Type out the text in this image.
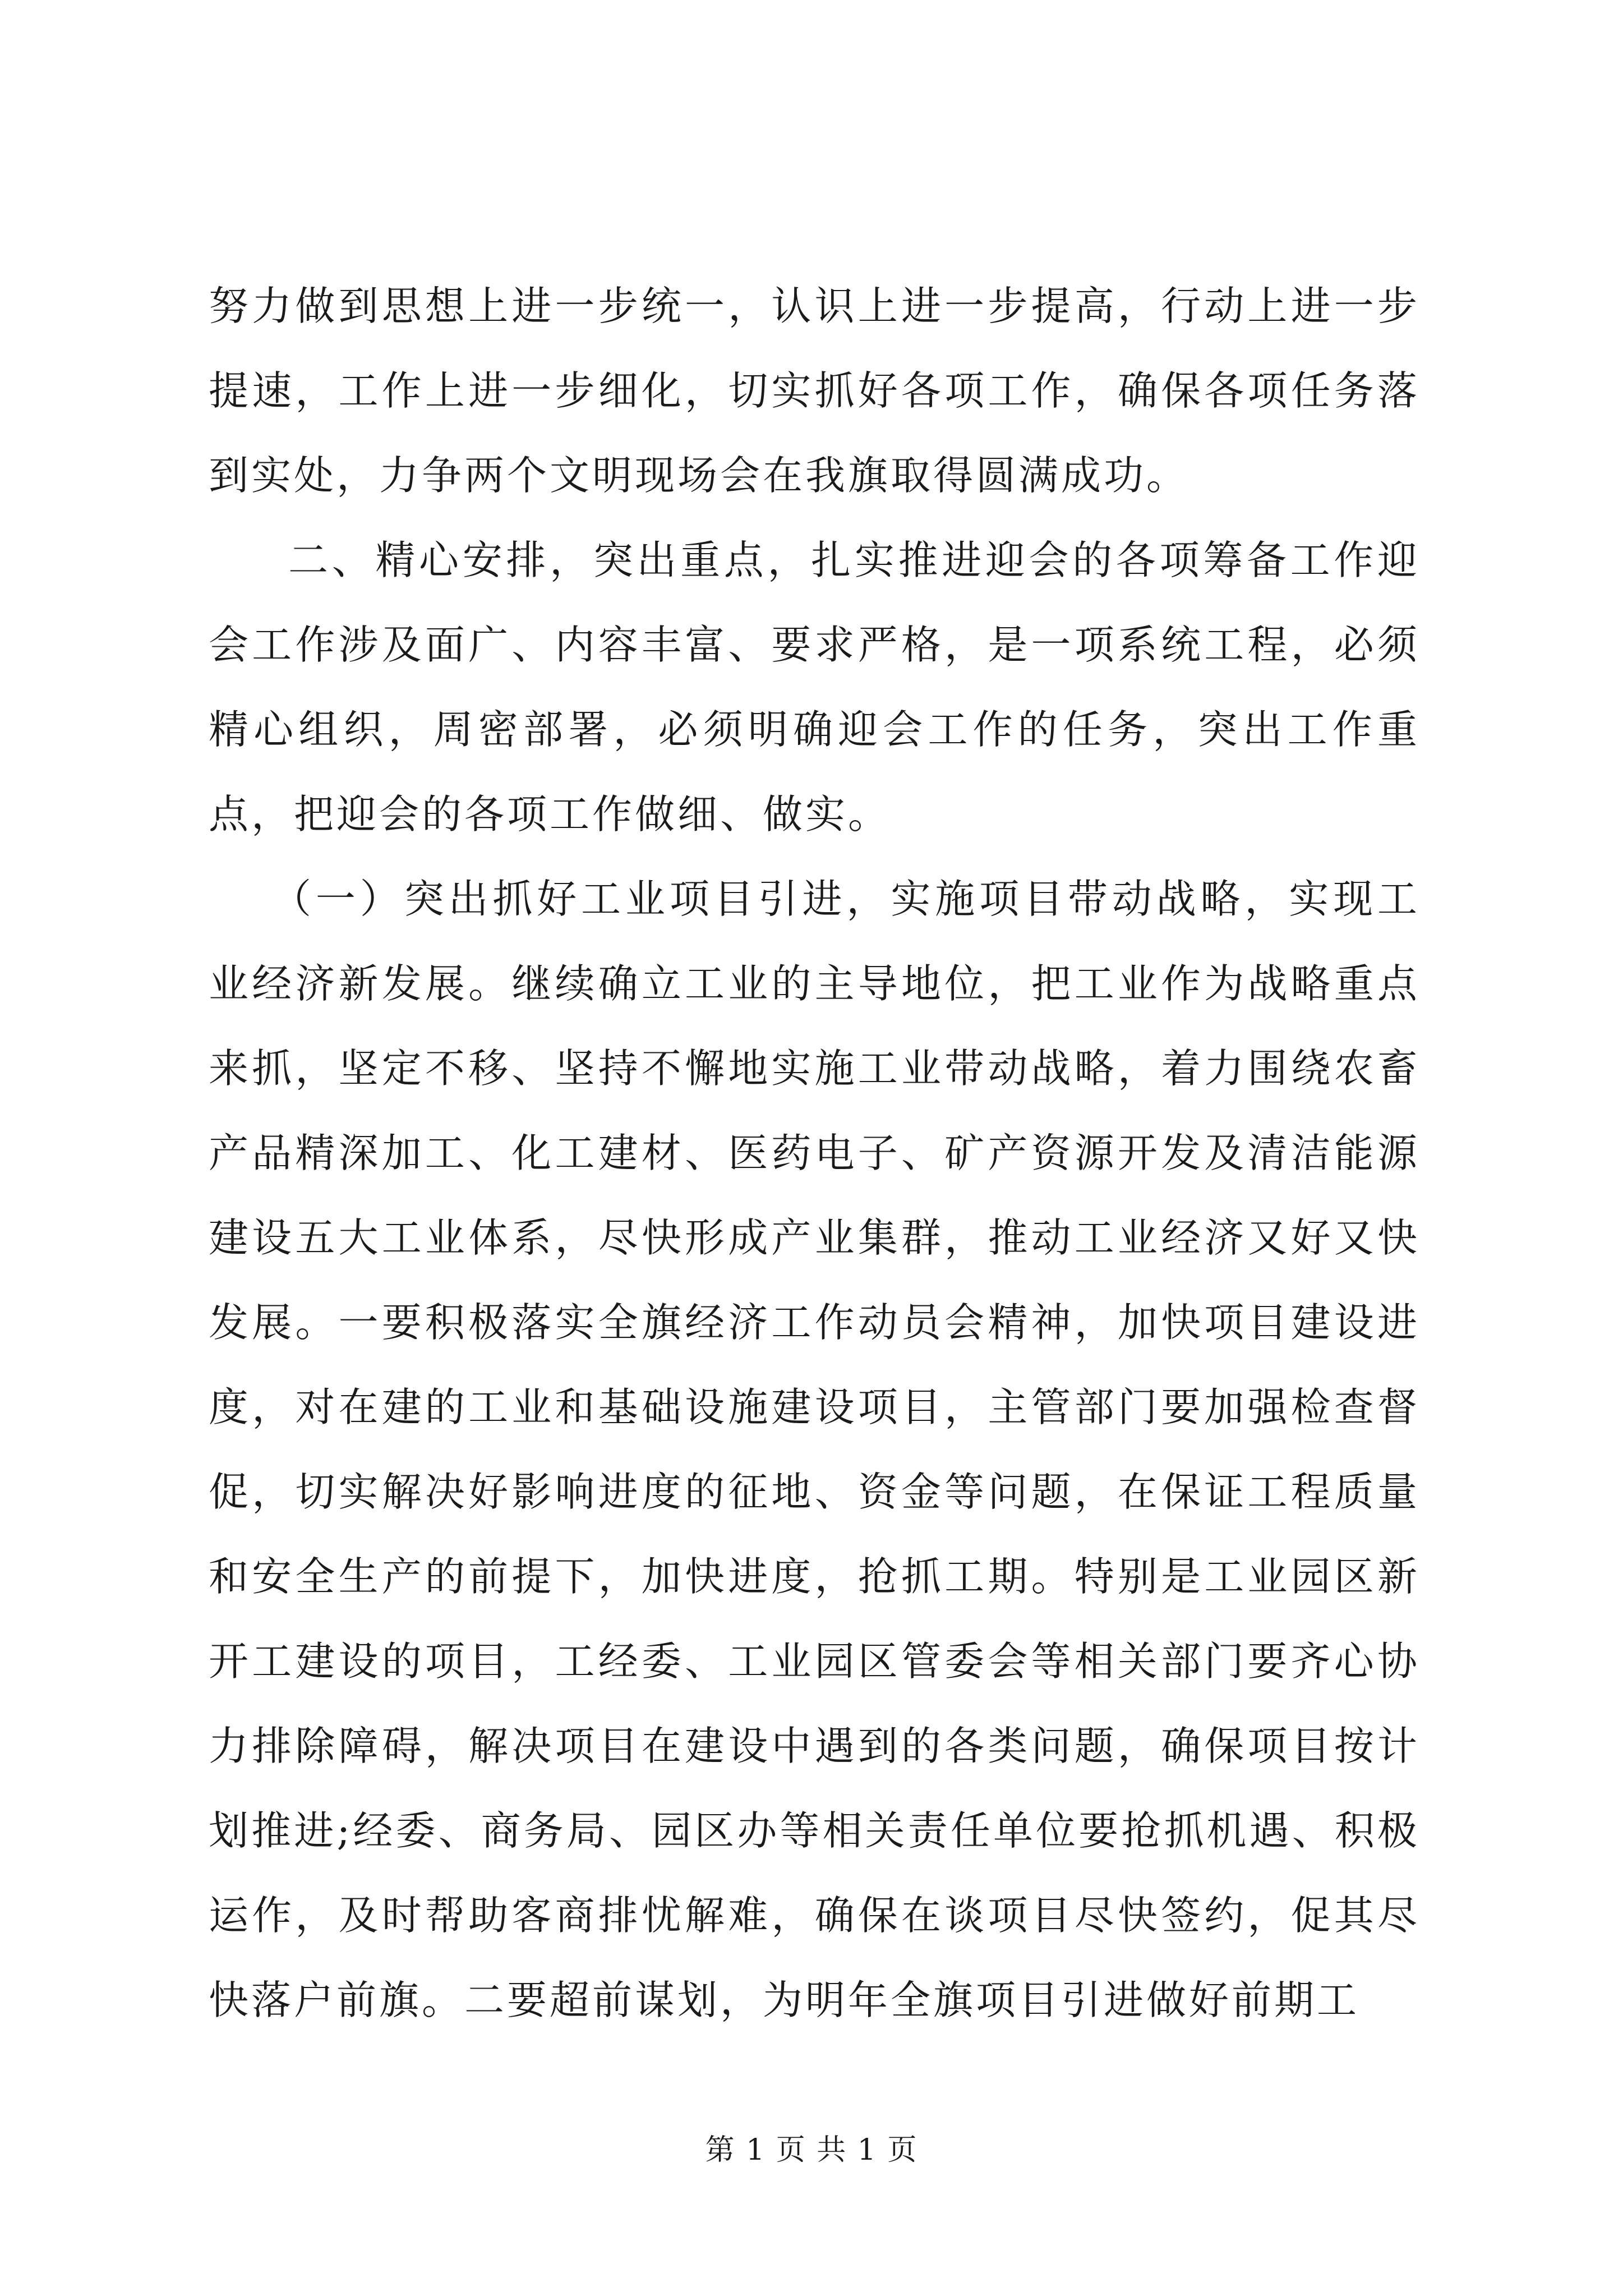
努力做到思想上进一步统一，认识上进一步提高，行动上进一步提速，工作上进一步细化，切实抓好各项工作，确保各项任务落到实处，力争两个文明现场会在我旗取得圆满成功。

二、精心安排，突出重点，扎实推进迎会的各项筹备工作迎会工作涉及面广、内容丰富、要求严格，是一项系统工程，必须精心组织，周密部署，必须明确迎会工作的任务，突出工作重点，把迎会的各项工作做细、做实。

（一）突出抓好工业项目引进，实施项目带动战略，实现工业经济新发展。继续确立工业的主导地位，把工业作为战略重点来抓，坚定不移、坚持不懈地实施工业带动战略，着力围绕农畜产品精深加工、化工建材、医药电子、矿产资源开发及清洁能源建设五大工业体系，尽快形成产业集群，推动工业经济又好又快发展。一要积极落实全旗经济工作动员会精神，加快项目建设进度，对在建的工业和基础设施建设项目，主管部门要加强检查督促，切实解决好影响进度的征地、资金等问题，在保证工程质量和安全生产的前提下，加快进度，抢抓工期。特别是工业园区新开工建设的项目，工经委、工业园区管委会等相关部门要齐心协力排除障碍，解决项目在建设中遇到的各类问题，确保项目按计划推进;经委、商务局、园区办等相关责任单位要抢抓机遇、积极运作，及时帮助客商排忧解难，确保在谈项目尽快签约，促其尽快落户前旗。二要超前谋划，为明年全旗项目引进做好前期工

第 1 页 共 1 页
